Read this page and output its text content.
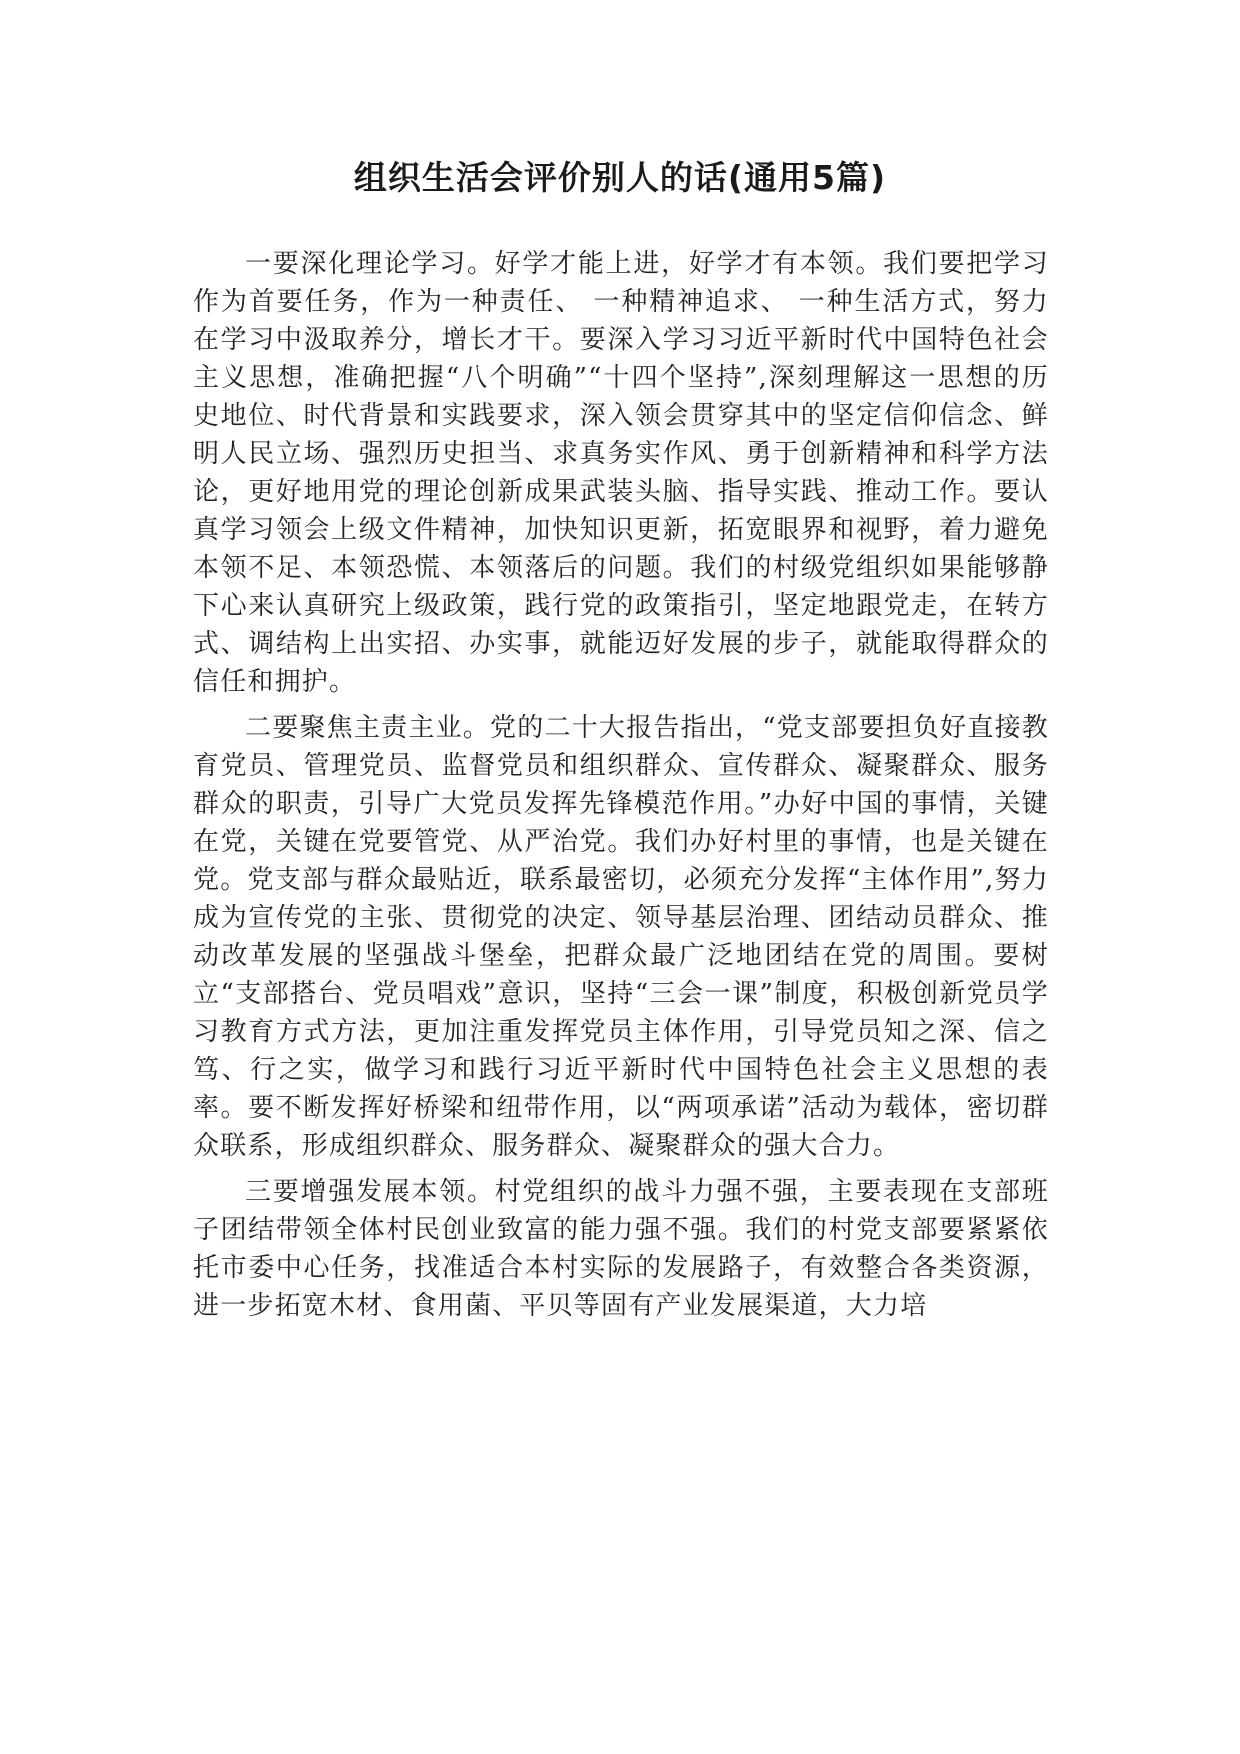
组织生活会评价别人的话(通用5篇)

一要深化理论学习。好学才能上进，好学才有本领。我们要把学习作为首要任务，作为一种责任、 一种精神追求、 一种生活方式，努力在学习中汲取养分，增长才干。要深入学习习近平新时代中国特色社会主义思想，准确把握“八个明确”“十四个坚持”,深刻理解这一思想的历史地位、时代背景和实践要求，深入领会贯穿其中的坚定信仰信念、鲜明人民立场、强烈历史担当、求真务实作风、勇于创新精神和科学方法论，更好地用党的理论创新成果武装头脑、指导实践、推动工作。要认真学习领会上级文件精神，加快知识更新，拓宽眼界和视野，着力避免本领不足、本领恐慌、本领落后的问题。我们的村级党组织如果能够静下心来认真研究上级政策，践行党的政策指引，坚定地跟党走，在转方式、调结构上出实招、办实事，就能迈好发展的步子，就能取得群众的信任和拥护。

二要聚焦主责主业。党的二十大报告指出，“党支部要担负好直接教育党员、管理党员、监督党员和组织群众、宣传群众、凝聚群众、服务群众的职责，引导广大党员发挥先锋模范作用。”办好中国的事情，关键在党，关键在党要管党、从严治党。我们办好村里的事情，也是关键在党。党支部与群众最贴近，联系最密切，必须充分发挥“主体作用”,努力成为宣传党的主张、贯彻党的决定、领导基层治理、团结动员群众、推动改革发展的坚强战斗堡垒，把群众最广泛地团结在党的周围。要树立“支部搭台、党员唱戏”意识，坚持“三会一课”制度，积极创新党员学习教育方式方法，更加注重发挥党员主体作用，引导党员知之深、信之笃、行之实，做学习和践行习近平新时代中国特色社会主义思想的表率。要不断发挥好桥梁和纽带作用，以“两项承诺”活动为载体，密切群众联系，形成组织群众、服务群众、凝聚群众的强大合力。

三要增强发展本领。村党组织的战斗力强不强，主要表现在支部班子团结带领全体村民创业致富的能力强不强。我们的村党支部要紧紧依托市委中心任务，找准适合本村实际的发展路子，有效整合各类资源，进一步拓宽木材、食用菌、平贝等固有产业发展渠道，大力培
